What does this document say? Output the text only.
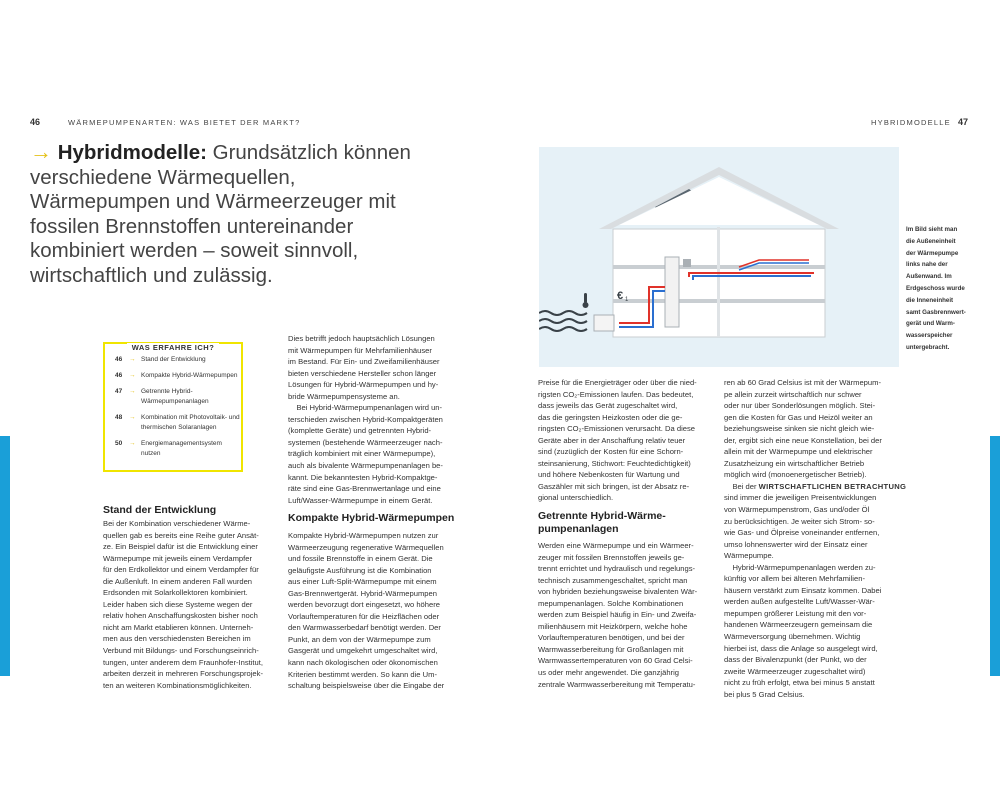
46	WÄRMEPUMPENARTEN: WAS BIETET DER MARKT?	HYBRIDMODELLE 47
→ Hybridmodelle: Grundsätzlich können verschiedene Wärmequellen, Wärmepumpen und Wärmeerzeuger mit fossilen Brennstoffen untereinander kombiniert werden – soweit sinnvoll, wirtschaftlich und zulässig.
WAS ERFAHRE ICH?
46	→ Stand der Entwicklung
46	→ Kompakte Hybrid-Wärmepumpen
47	→ Getrennte Hybrid-Wärmepumpenanlagen
48	→ Kombination mit Photovoltaik- und thermischen Solaranlagen
50	→ Energiemanagementsystem nutzen
Stand der Entwicklung
Bei der Kombination verschiedener Wärme-
quellen gab es bereits eine Reihe guter Ansät-
ze. Ein Beispiel dafür ist die Entwicklung einer
Wärmepumpe mit jeweils einem Verdampfer
für den Erdkollektor und einem Verdampfer für
die Außenluft. In einem anderen Fall wurden
Erdsonden mit Solarkollektoren kombiniert.
Leider haben sich diese Systeme wegen der
relativ hohen Anschaffungskosten bisher noch
nicht am Markt etablieren können. Unterneh-
men aus den verschiedensten Bereichen im
Verbund mit Bildungs- und Forschungseinrich-
tungen, unter anderem dem Fraunhofer-Institut,
arbeiten derzeit in mehreren Forschungsprojek-
ten an weiteren Kombinationsmöglichkeiten.
Dies betrifft jedoch hauptsächlich Lösungen
mit Wärmepumpen für Mehrfamilienhäuser
im Bestand. Für Ein- und Zweifamilienhäuser
bieten verschiedene Hersteller schon länger
Lösungen für Hybrid-Wärmepumpen und hy-
bride Wärmepumpensysteme an.
Bei Hybrid-Wärmepumpenanlagen wird un-
terschieden zwischen Hybrid-Kompaktgeräten
(komplette Geräte) und getrennten Hybrid-
systemen (bestehende Wärmeerzeuger nach-
träglich kombiniert mit einer Wärmepumpe),
auch als bivalente Wärmepumpenanlagen be-
kannt. Die bekanntesten Hybrid-Kompaktge-
räte sind eine Gas-Brennwertanlage und eine
Luft/Wasser-Wärmepumpe in einem Gerät.
Kompakte Hybrid-Wärmepumpen
Kompakte Hybrid-Wärmepumpen nutzen zur
Wärmeerzeugung regenerative Wärmequellen
und fossile Brennstoffe in einem Gerät. Die
geläufigste Ausführung ist die Kombination
aus einer Luft-Split-Wärmepumpe mit einem
Gas-Brennwertgerät. Hybrid-Wärmepumpen
werden bevorzugt dort eingesetzt, wo höhere
Vorlauftemperaturen für die Heizflächen oder
den Warmwasserbedarf benötigt werden. Der
Punkt, an dem von der Wärmepumpe zum
Gasgerät und umgekehrt umgeschaltet wird,
kann nach ökologischen oder ökonomischen
Kriterien bestimmt werden. So kann die Um-
schaltung beispielsweise über die Eingabe der
Preise für die Energieträger oder über die nied-
rigsten CO₂-Emissionen laufen. Das bedeutet,
dass jeweils das Gerät zugeschaltet wird,
das die geringsten Heizkosten oder die ge-
ringsten CO₂-Emissionen verursacht. Da diese
Geräte aber in der Anschaffung relativ teuer
sind (zuzüglich der Kosten für eine Schorn-
steinsanierung, Stichwort: Feuchtedichtigkeit)
und höhere Nebenkosten für Wartung und
Gaszähler mit sich bringen, ist der Absatz re-
gional unterschiedlich.
Getrennte Hybrid-Wärme-
pumpenanlagen
Werden eine Wärmepumpe und ein Wärmeer-
zeuger mit fossilen Brennstoffen jeweils ge-
trennt errichtet und hydraulisch und regelungs-
technisch zusammengeschaltet, spricht man
von hybriden beziehungsweise bivalenten Wär-
mepumpenanlagen. Solche Kombinationen
werden zum Beispiel häufig in Ein- und Zweifa-
milienhäusern mit Heizkörpern, welche hohe
Vorlauftemperaturen benötigen, und bei der
Warmwasserbereitung für Großanlagen mit
Warmwassertemperaturen von 60 Grad Celsi-
us oder mehr angewendet. Die ganzjährig
zentrale Warmwasserbereitung mit Temperatu-
ren ab 60 Grad Celsius ist mit der Wärmepum-
pe allein zurzeit wirtschaftlich nur schwer
oder nur über Sonderlösungen möglich. Stei-
gen die Kosten für Gas und Heizöl weiter an
beziehungsweise sinken sie nicht gleich wie-
der, ergibt sich eine neue Konstellation, bei der
allein mit der Wärmepumpe und elektrischer
Zusatzheizung ein wirtschaftlicher Betrieb
möglich wird (monoenergetischer Betrieb).
Bei der WIRTSCHAFTLICHEN BETRACHTUNG
sind immer die jeweiligen Preisentwicklungen
von Wärmepumpenstrom, Gas und/oder Öl
zu berücksichtigen. Je weiter sich Strom- so-
wie Gas- und Ölpreise voneinander entfernen,
umso lohnenswerter wird der Einsatz einer
Wärmepumpe.
Hybrid-Wärmepumpenanlagen werden zu-
künftig vor allem bei älteren Mehrfamilien-
häusern verstärkt zum Einsatz kommen. Dabei
werden außen aufgestellte Luft/Wasser-Wär-
mepumpen größerer Leistung mit den vor-
handenen Wärmeerzeugern gemeinsam die
Wärmeversorgung übernehmen. Wichtig
hierbei ist, dass die Anlage so ausgelegt wird,
dass der Bivalenzpunkt (der Punkt, wo der
zweite Wärmeerzeuger zugeschaltet wird)
nicht zu früh erfolgt, etwa bei minus 5 anstatt
bei plus 5 Grad Celsius.
€ 1
Im Bild sieht man
die Außeneinheit
der Wärmepumpe
links nahe der
Außenwand. Im
Erdgeschoss wurde
die Inneneinheit
samt Gasbrennwert-
gerät und Warm-
wasserspeicher
untergebracht.
